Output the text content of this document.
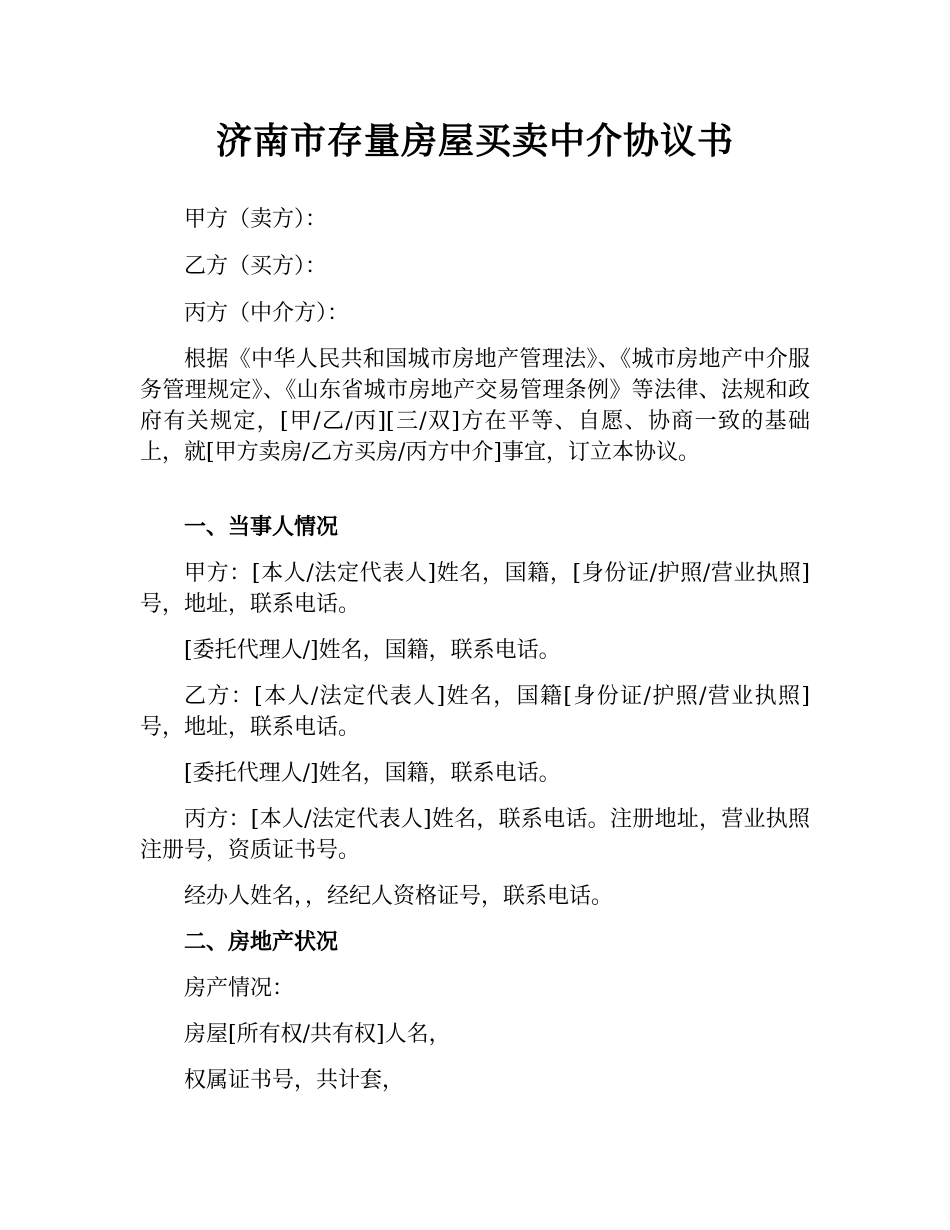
济南市存量房屋买卖中介协议书

甲方（卖方）：

乙方（买方）：

丙方（中介方）：

根据《中华人民共和国城市房地产管理法》、《城市房地产中介服务管理规定》、《山东省城市房地产交易管理条例》等法律、法规和政府有关规定，[甲/乙/丙][三/双]方在平等、自愿、协商一致的基础上，就[甲方卖房/乙方买房/丙方中介]事宜，订立本协议。

一、当事人情况

甲方：[本人/法定代表人]姓名，国籍，[身份证/护照/营业执照]号，地址，联系电话。

[委托代理人/]姓名，国籍，联系电话。

乙方：[本人/法定代表人]姓名，国籍[身份证/护照/营业执照]号，地址，联系电话。

[委托代理人/]姓名，国籍，联系电话。

丙方：[本人/法定代表人]姓名，联系电话。注册地址，营业执照注册号，资质证书号。

经办人姓名，，经纪人资格证号，联系电话。

二、房地产状况

房产情况：

房屋[所有权/共有权]人名，

权属证书号，共计套，
